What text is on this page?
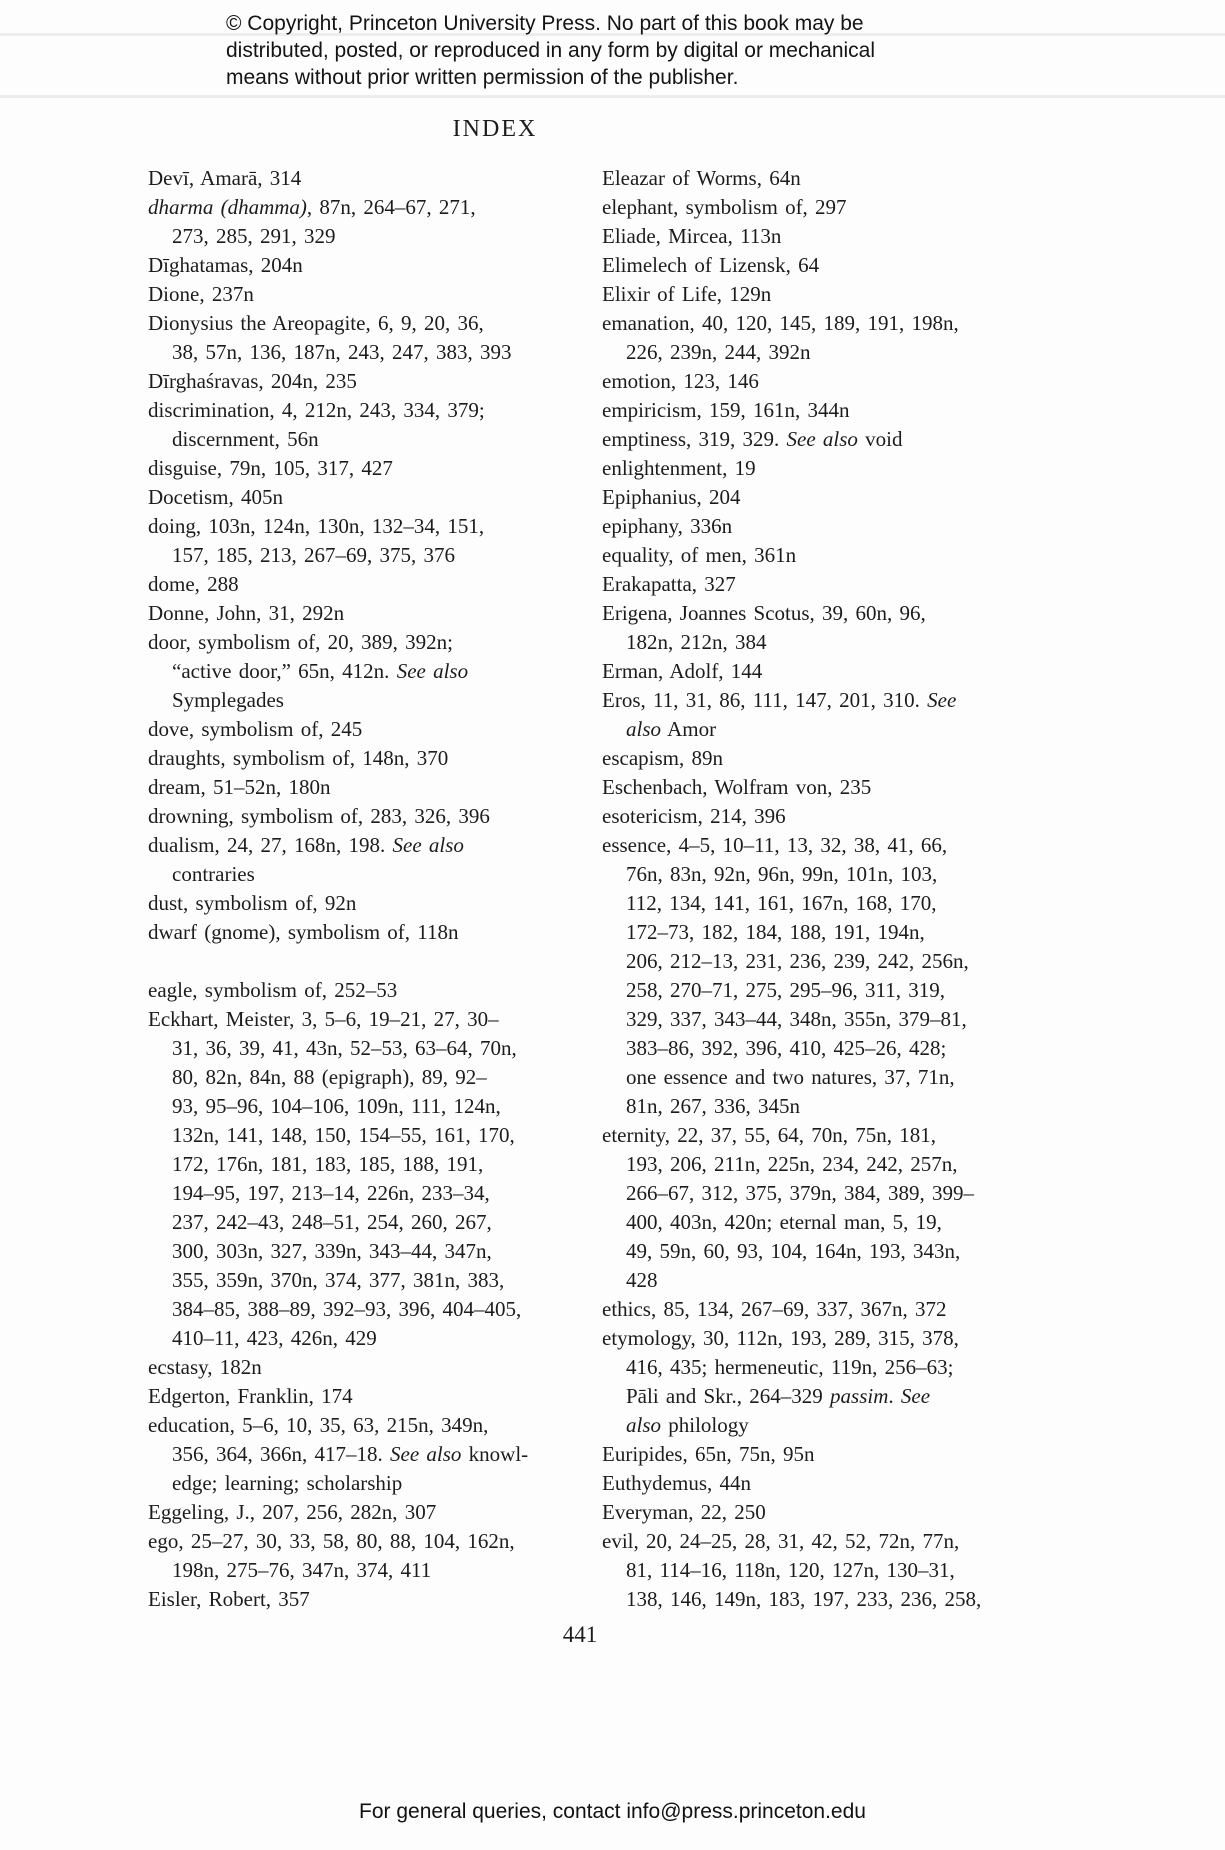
© Copyright, Princeton University Press. No part of this book may be
distributed, posted, or reproduced in any form by digital or mechanical
means without prior written permission of the publisher.
INDEX
Devī, Amarā, 314
dharma (dhamma), 87n, 264–67, 271,
273, 285, 291, 329
Dīghatamas, 204n
Dione, 237n
Dionysius the Areopagite, 6, 9, 20, 36,
38, 57n, 136, 187n, 243, 247, 383, 393
Dīrghaśravas, 204n, 235
discrimination, 4, 212n, 243, 334, 379;
discernment, 56n
disguise, 79n, 105, 317, 427
Docetism, 405n
doing, 103n, 124n, 130n, 132–34, 151,
157, 185, 213, 267–69, 375, 376
dome, 288
Donne, John, 31, 292n
door, symbolism of, 20, 389, 392n;
“active door,” 65n, 412n. See also
Symplegades
dove, symbolism of, 245
draughts, symbolism of, 148n, 370
dream, 51–52n, 180n
drowning, symbolism of, 283, 326, 396
dualism, 24, 27, 168n, 198. See also
contraries
dust, symbolism of, 92n
dwarf (gnome), symbolism of, 118n
eagle, symbolism of, 252–53
Eckhart, Meister, 3, 5–6, 19–21, 27, 30–
31, 36, 39, 41, 43n, 52–53, 63–64, 70n,
80, 82n, 84n, 88 (epigraph), 89, 92–
93, 95–96, 104–106, 109n, 111, 124n,
132n, 141, 148, 150, 154–55, 161, 170,
172, 176n, 181, 183, 185, 188, 191,
194–95, 197, 213–14, 226n, 233–34,
237, 242–43, 248–51, 254, 260, 267,
300, 303n, 327, 339n, 343–44, 347n,
355, 359n, 370n, 374, 377, 381n, 383,
384–85, 388–89, 392–93, 396, 404–405,
410–11, 423, 426n, 429
ecstasy, 182n
Edgerton, Franklin, 174
education, 5–6, 10, 35, 63, 215n, 349n,
356, 364, 366n, 417–18. See also knowl-
edge; learning; scholarship
Eggeling, J., 207, 256, 282n, 307
ego, 25–27, 30, 33, 58, 80, 88, 104, 162n,
198n, 275–76, 347n, 374, 411
Eisler, Robert, 357
Eleazar of Worms, 64n
elephant, symbolism of, 297
Eliade, Mircea, 113n
Elimelech of Lizensk, 64
Elixir of Life, 129n
emanation, 40, 120, 145, 189, 191, 198n,
226, 239n, 244, 392n
emotion, 123, 146
empiricism, 159, 161n, 344n
emptiness, 319, 329. See also void
enlightenment, 19
Epiphanius, 204
epiphany, 336n
equality, of men, 361n
Erakapatta, 327
Erigena, Joannes Scotus, 39, 60n, 96,
182n, 212n, 384
Erman, Adolf, 144
Eros, 11, 31, 86, 111, 147, 201, 310. See
also Amor
escapism, 89n
Eschenbach, Wolfram von, 235
esotericism, 214, 396
essence, 4–5, 10–11, 13, 32, 38, 41, 66,
76n, 83n, 92n, 96n, 99n, 101n, 103,
112, 134, 141, 161, 167n, 168, 170,
172–73, 182, 184, 188, 191, 194n,
206, 212–13, 231, 236, 239, 242, 256n,
258, 270–71, 275, 295–96, 311, 319,
329, 337, 343–44, 348n, 355n, 379–81,
383–86, 392, 396, 410, 425–26, 428;
one essence and two natures, 37, 71n,
81n, 267, 336, 345n
eternity, 22, 37, 55, 64, 70n, 75n, 181,
193, 206, 211n, 225n, 234, 242, 257n,
266–67, 312, 375, 379n, 384, 389, 399–
400, 403n, 420n; eternal man, 5, 19,
49, 59n, 60, 93, 104, 164n, 193, 343n,
428
ethics, 85, 134, 267–69, 337, 367n, 372
etymology, 30, 112n, 193, 289, 315, 378,
416, 435; hermeneutic, 119n, 256–63;
Pāli and Skr., 264–329 passim. See
also philology
Euripides, 65n, 75n, 95n
Euthydemus, 44n
Everyman, 22, 250
evil, 20, 24–25, 28, 31, 42, 52, 72n, 77n,
81, 114–16, 118n, 120, 127n, 130–31,
138, 146, 149n, 183, 197, 233, 236, 258,
441
For general queries, contact info@press.princeton.edu
